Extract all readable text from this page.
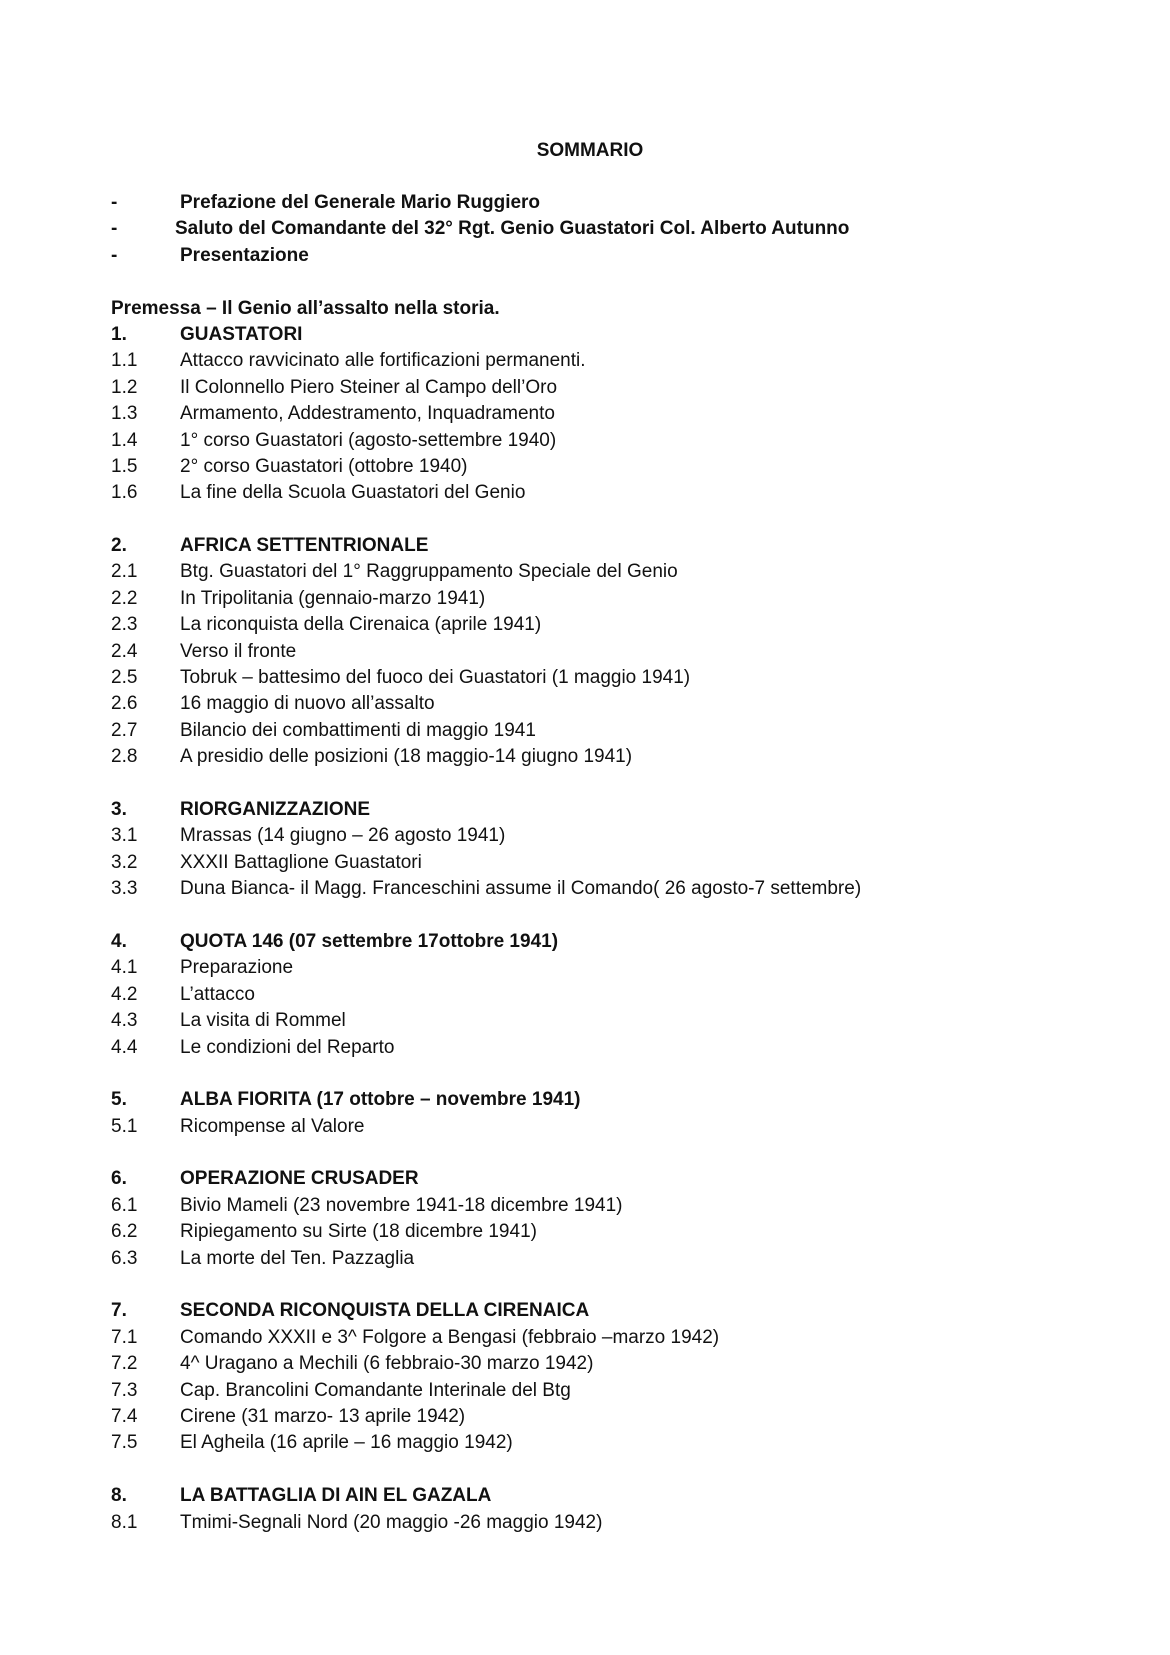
SOMMARIO
-	Prefazione del Generale Mario Ruggiero
-	Saluto del Comandante del 32° Rgt. Genio Guastatori Col. Alberto Autunno
-	Presentazione
Premessa – Il Genio all’assalto nella storia.
1.	GUASTATORI
1.1 Attacco ravvicinato alle fortificazioni permanenti.
1.2 Il Colonnello Piero Steiner al Campo dell’Oro
1.3 Armamento, Addestramento, Inquadramento
1.4 1° corso Guastatori (agosto-settembre 1940)
1.5 2° corso Guastatori (ottobre 1940)
1.6 La fine della Scuola Guastatori del Genio
2.	AFRICA SETTENTRIONALE
2.1 Btg. Guastatori del 1° Raggruppamento Speciale del Genio
2.2 In Tripolitania (gennaio-marzo 1941)
2.3 La riconquista della Cirenaica (aprile 1941)
2.4 Verso il fronte
2.5 Tobruk – battesimo del fuoco dei Guastatori (1 maggio 1941)
2.6 16 maggio di nuovo all’assalto
2.7 Bilancio dei combattimenti di maggio 1941
2.8 A presidio delle posizioni (18 maggio-14 giugno 1941)
3.	RIORGANIZZAZIONE
3.1 Mrassas (14 giugno – 26 agosto 1941)
3.2 XXXII Battaglione Guastatori
3.3 Duna Bianca- il Magg. Franceschini assume il Comando( 26 agosto-7 settembre)
4.	QUOTA 146 (07 settembre 17ottobre 1941)
4.1 Preparazione
4.2 L’attacco
4.3 La visita di Rommel
4.4 Le condizioni del Reparto
5.	ALBA FIORITA (17 ottobre – novembre 1941)
5.1 Ricompense al Valore
6.	OPERAZIONE CRUSADER
6.1 Bivio Mameli (23 novembre 1941-18 dicembre 1941)
6.2 Ripiegamento su Sirte (18 dicembre 1941)
6.3 La morte del Ten. Pazzaglia
7.	SECONDA RICONQUISTA DELLA CIRENAICA
7.1 Comando XXXII e 3^ Folgore a Bengasi (febbraio –marzo 1942)
7.2 4^ Uragano a Mechili (6 febbraio-30 marzo 1942)
7.3 Cap. Brancolini Comandante Interinale del Btg
7.4 Cirene (31 marzo- 13 aprile 1942)
7.5 El Agheila (16 aprile – 16 maggio 1942)
8.	LA BATTAGLIA DI AIN EL GAZALA
8.1 Tmimi-Segnali Nord (20 maggio -26 maggio 1942)
